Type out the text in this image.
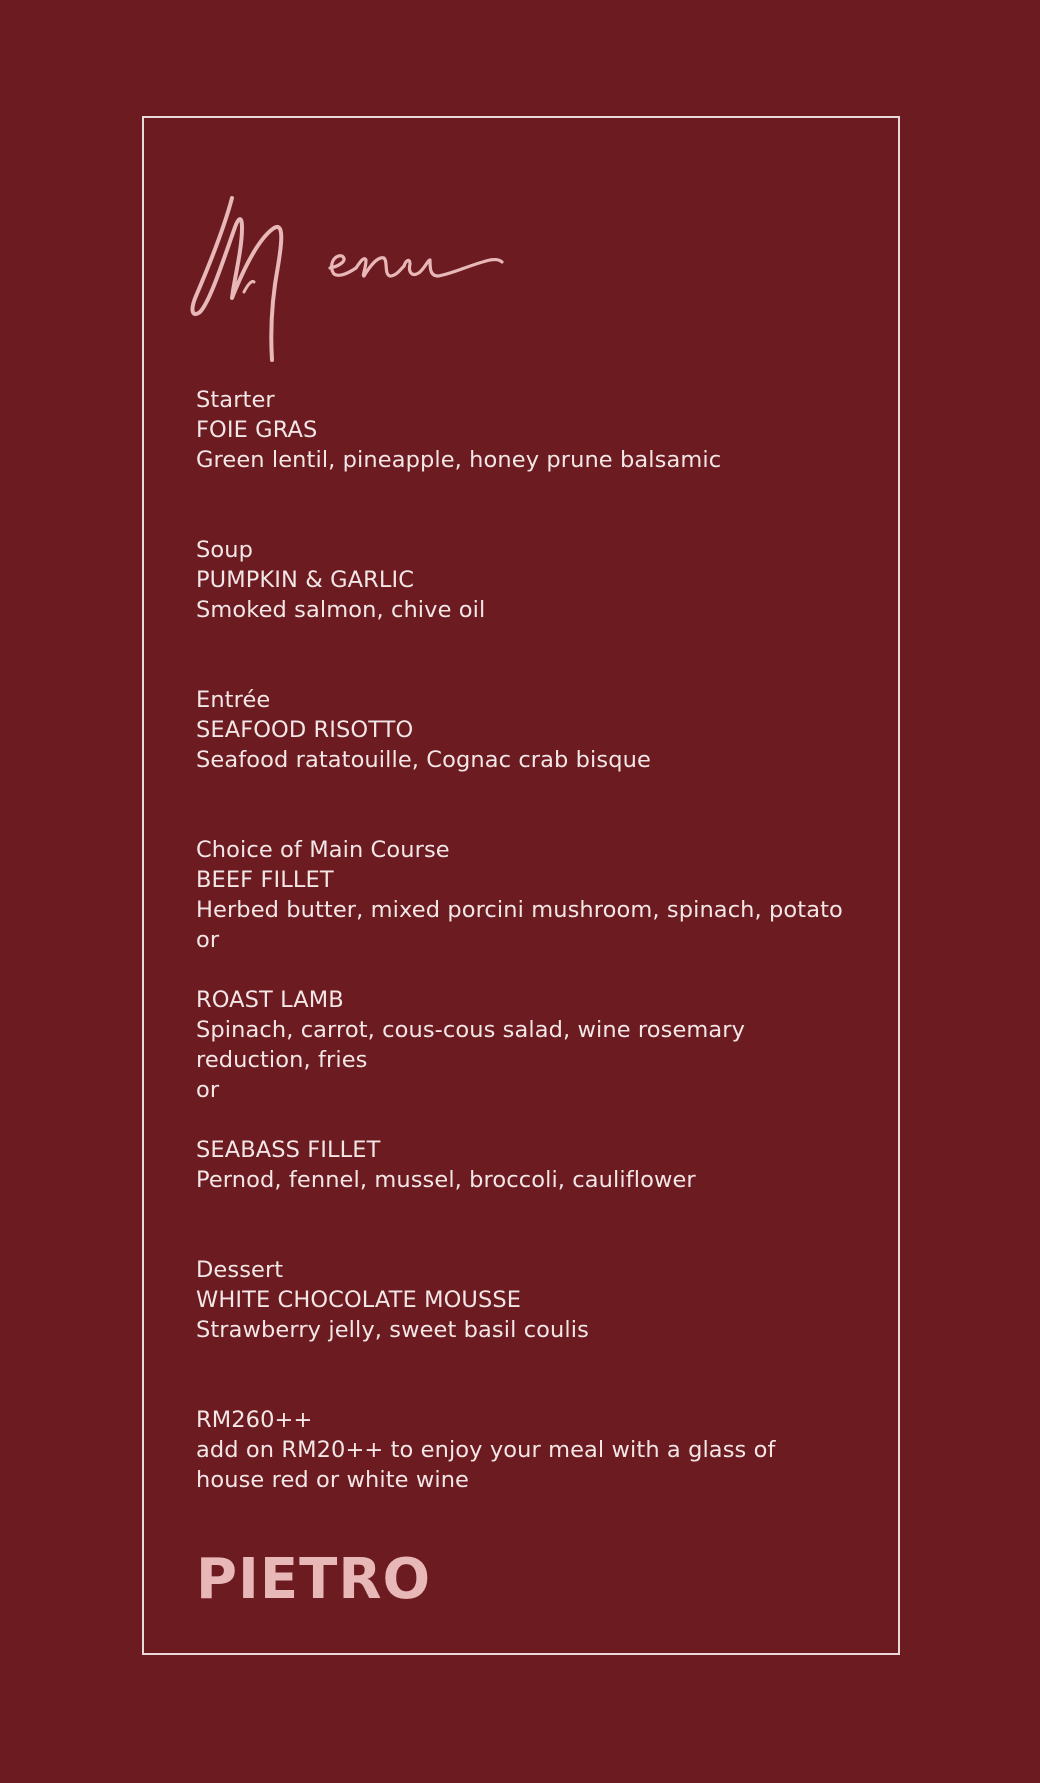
Starter
FOIE GRAS
Green lentil, pineapple, honey prune balsamic
Soup
PUMPKIN & GARLIC
Smoked salmon, chive oil
Entrée
SEAFOOD RISOTTO
Seafood ratatouille, Cognac crab bisque
Choice of Main Course
BEEF FILLET
Herbed butter, mixed porcini mushroom, spinach, potato
or
ROAST LAMB
Spinach, carrot, cous-cous salad, wine rosemary
reduction, fries
or
SEABASS FILLET
Pernod, fennel, mussel, broccoli, cauliflower
Dessert
WHITE CHOCOLATE MOUSSE
Strawberry jelly, sweet basil coulis
RM260++
add on RM20++ to enjoy your meal with a glass of
house red or white wine
PIETRO
